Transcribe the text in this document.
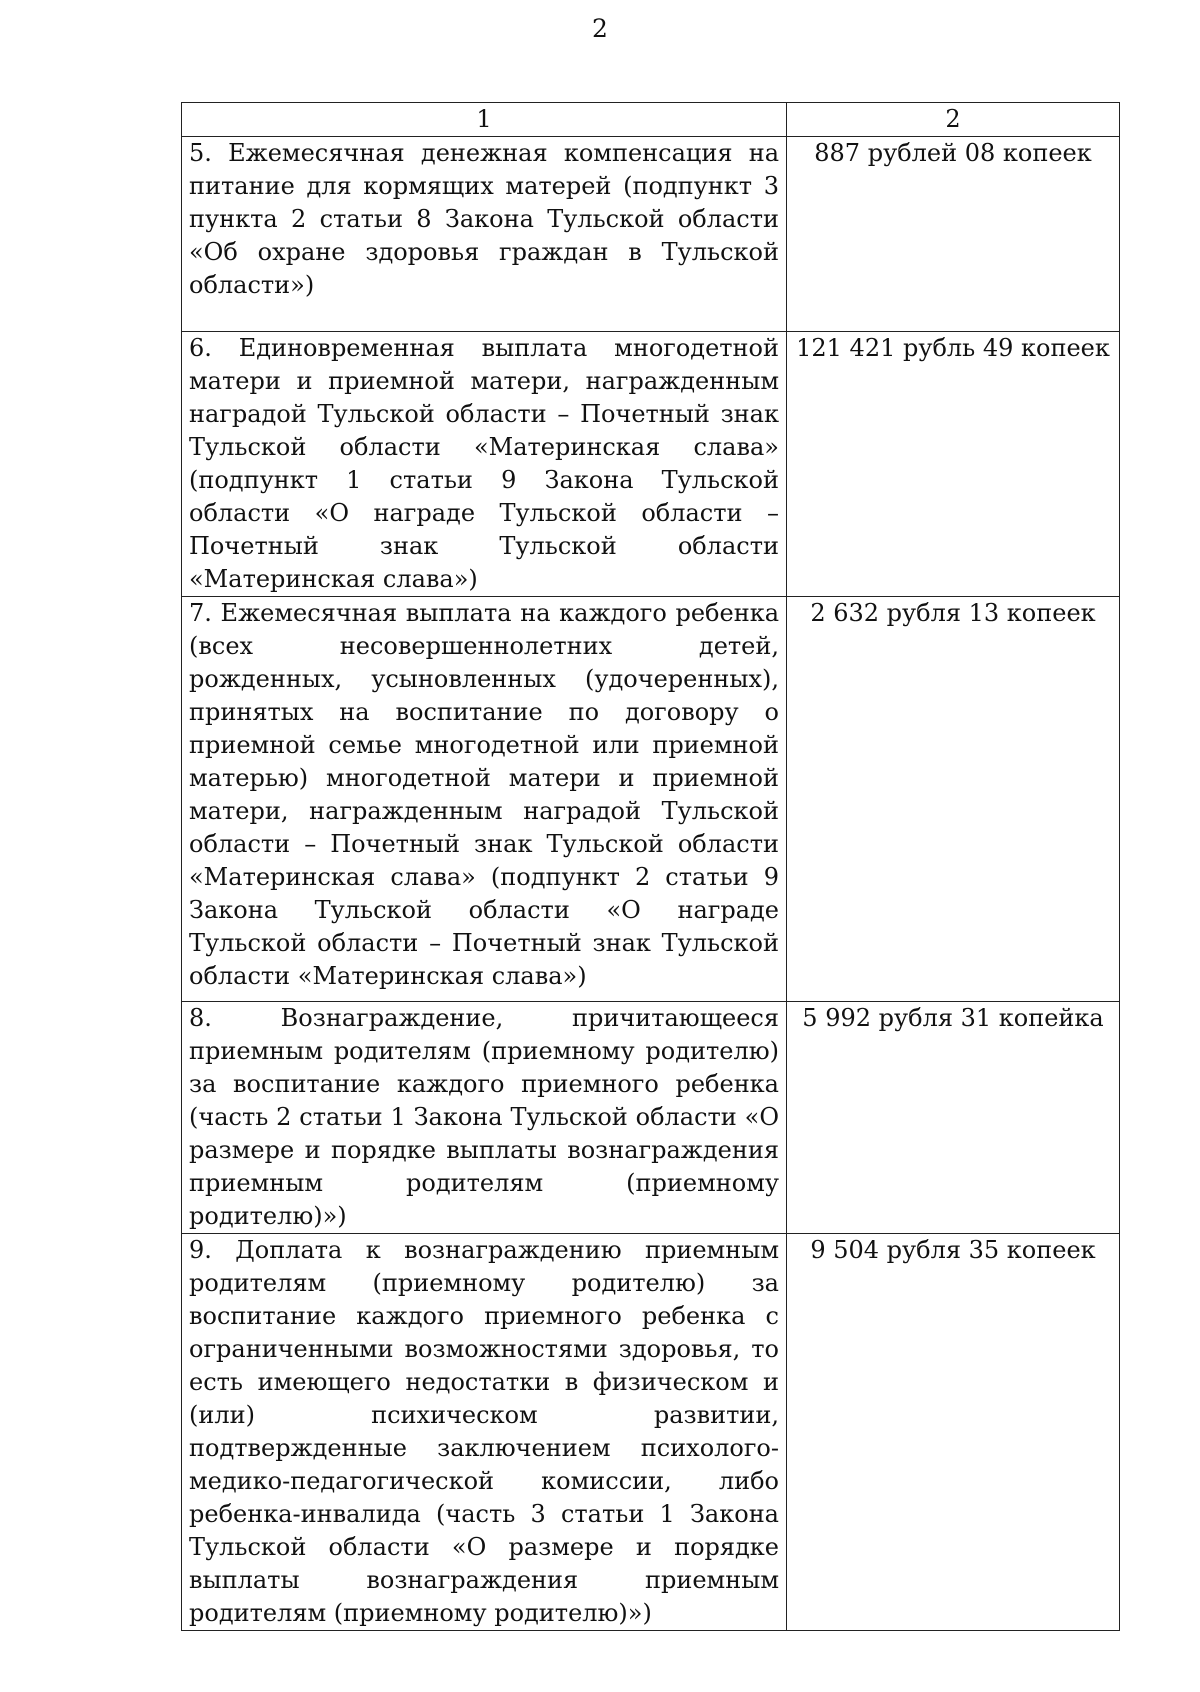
2
1	2
5. Ежемесячная денежная компенсация на питание для кормящих матерей (подпункт 3 пункта 2 статьи 8 Закона Тульской области «Об охране здоровья граждан в Тульской области»)	887 рублей 08 копеек
6. Единовременная выплата многодетной матери и приемной матери, награжденным наградой Тульской области – Почетный знак Тульской области «Материнская слава» (подпункт 1 статьи 9 Закона Тульской области «О награде Тульской области – Почетный знак Тульской области «Материнская слава»)	121 421 рубль 49 копеек
7. Ежемесячная выплата на каждого ребенка (всех несовершеннолетних детей, рожденных, усыновленных (удочеренных), принятых на воспитание по договору о приемной семье многодетной или приемной матерью) многодетной матери и приемной матери, награжденным наградой Тульской области – Почетный знак Тульской области «Материнская слава» (подпункт 2 статьи 9 Закона Тульской области «О награде Тульской области – Почетный знак Тульской области «Материнская слава»)	2 632 рубля 13 копеек
8. Вознаграждение, причитающееся приемным родителям (приемному родителю) за воспитание каждого приемного ребенка (часть 2 статьи 1 Закона Тульской области «О размере и порядке выплаты вознаграждения приемным родителям (приемному родителю)»)	5 992 рубля 31 копейка
9. Доплата к вознаграждению приемным родителям (приемному родителю) за воспитание каждого приемного ребенка с ограниченными возможностями здоровья, то есть имеющего недостатки в физическом и (или) психическом развитии, подтвержденные заключением психолого-медико-педагогической комиссии, либо ребенка-инвалида (часть 3 статьи 1 Закона Тульской области «О размере и порядке выплаты вознаграждения приемным родителям (приемному родителю)»)	9 504 рубля 35 копеек
